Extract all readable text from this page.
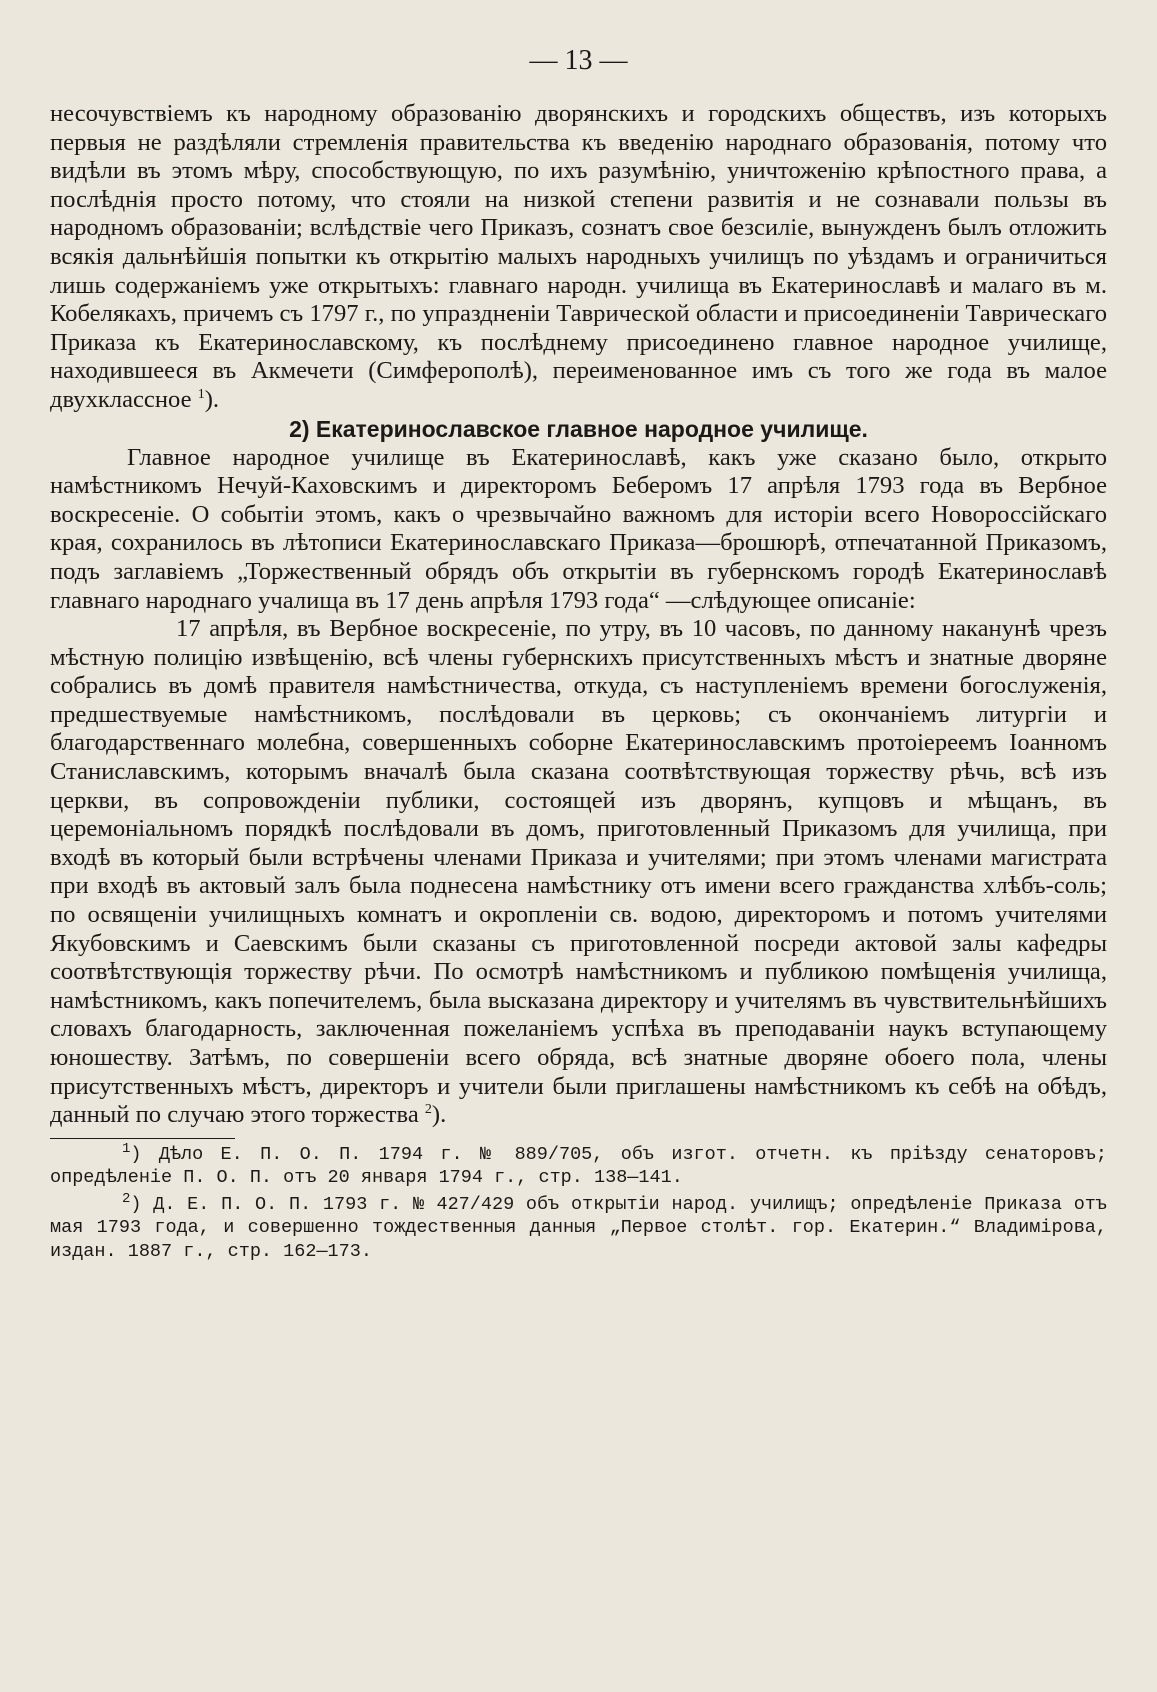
— 13 —

несочувствіемъ къ народному образованію дворянскихъ и городскихъ обществъ, изъ которыхъ первыя не раздѣляли стремленія правительства къ введенію народнаго образованія, потому что видѣли въ этомъ мѣру, способствующую, по ихъ разумѣнію, уничтоженію крѣпостного права, а послѣднія просто потому, что стояли на низкой степени развитія и не сознавали пользы въ народномъ образованіи; вслѣдствіе чего Приказъ, сознатъ свое безсиліе, вынужденъ былъ отложить всякія дальнѣйшія попытки къ открытію малыхъ народныхъ училищъ по уѣздамъ и ограничиться лишь содержаніемъ уже открытыхъ: главнаго народн. училища въ Екатеринославѣ и малаго въ м. Кобелякахъ, причемъ съ 1797 г., по упраздненіи Таврической области и присоединеніи Таврическаго Приказа къ Екатеринославскому, къ послѣднему присоединено главное народное училище, находившееся въ Акмечети (Симферополѣ), переименованное имъ съ того же года въ малое двухклассное $^1$).

2) Екатеринославское главное народное училище.

Главное народное училище въ Екатеринославѣ, какъ уже сказано было, открыто намѣстникомъ Нечуй-Каховскимъ и директоромъ Беберомъ 17 апрѣля 1793 года въ Вербное воскресеніе. О событіи этомъ, какъ о чрезвычайно важномъ для исторіи всего Новороссійскаго края, сохранилось въ лѣтописи Екатеринославскаго Приказа—брошюрѣ, отпечатанной Приказомъ, подъ заглавіемъ „Торжественный обрядъ объ открытіи въ губернскомъ городѣ Екатеринославѣ главнаго народнаго учалища въ 17 день апрѣля 1793 года“ —слѣдующее описаніе:

17 апрѣля, въ Вербное воскресеніе, по утру, въ 10 часовъ, по данному наканунѣ чрезъ мѣстную полицію извѣщенію, всѣ члены губернскихъ присутственныхъ мѣстъ и знатные дворяне собрались въ домѣ правителя намѣстничества, откуда, съ наступленіемъ времени богослуженія, предшествуемые намѣстникомъ, послѣдовали въ церковь; съ окончаніемъ литургіи и благодарственнаго молебна, совершенныхъ соборне Екатеринославскимъ протоіереемъ Іоанномъ Станиславскимъ, которымъ вначалѣ была сказана соотвѣтствующая торжеству рѣчь, всѣ изъ церкви, въ сопровожденіи публики, состоящей изъ дворянъ, купцовъ и мѣщанъ, въ церемоніальномъ порядкѣ послѣдовали въ домъ, приготовленный Приказомъ для училища, при входѣ въ который были встрѣчены членами Приказа и учителями; при этомъ членами магистрата при входѣ въ актовый залъ была поднесена намѣстнику отъ имени всего гражданства хлѣбъ-соль; по освященіи училищныхъ комнатъ и окропленіи св. водою, директоромъ и потомъ учителями Якубовскимъ и Саевскимъ были сказаны съ приготовленной посреди актовой залы кафедры соотвѣтствующія торжеству рѣчи. По осмотрѣ намѣстникомъ и публикою помѣщенія училища, намѣстникомъ, какъ попечителемъ, была высказана директору и учителямъ въ чувствительнѣйшихъ словахъ благодарность, заключенная пожеланіемъ успѣха въ преподаваніи наукъ вступающему юношеству. Затѣмъ, по совершеніи всего обряда, всѣ знатные дворяне обоего пола, члены присутственныхъ мѣстъ, директоръ и учители были приглашены намѣстникомъ къ себѣ на обѣдъ, данный по случаю этого торжества $^2$).

$^1$) Дѣло Е. П. О. П. 1794 г. № 889/705, объ изгот. отчетн. къ пріѣзду сенаторовъ; опредѣленіе П. О. П. отъ 20 января 1794 г., стр. 138—141.

$^2$) Д. Е. П. О. П. 1793 г. № 427/429 объ открытіи народ. училищъ; опредѣленіе Приказа отъ мая 1793 года, и совершенно тождественныя данныя „Первое столѣт. гор. Екатерин.“ Владимірова, издан. 1887 г., стр. 162—173.
